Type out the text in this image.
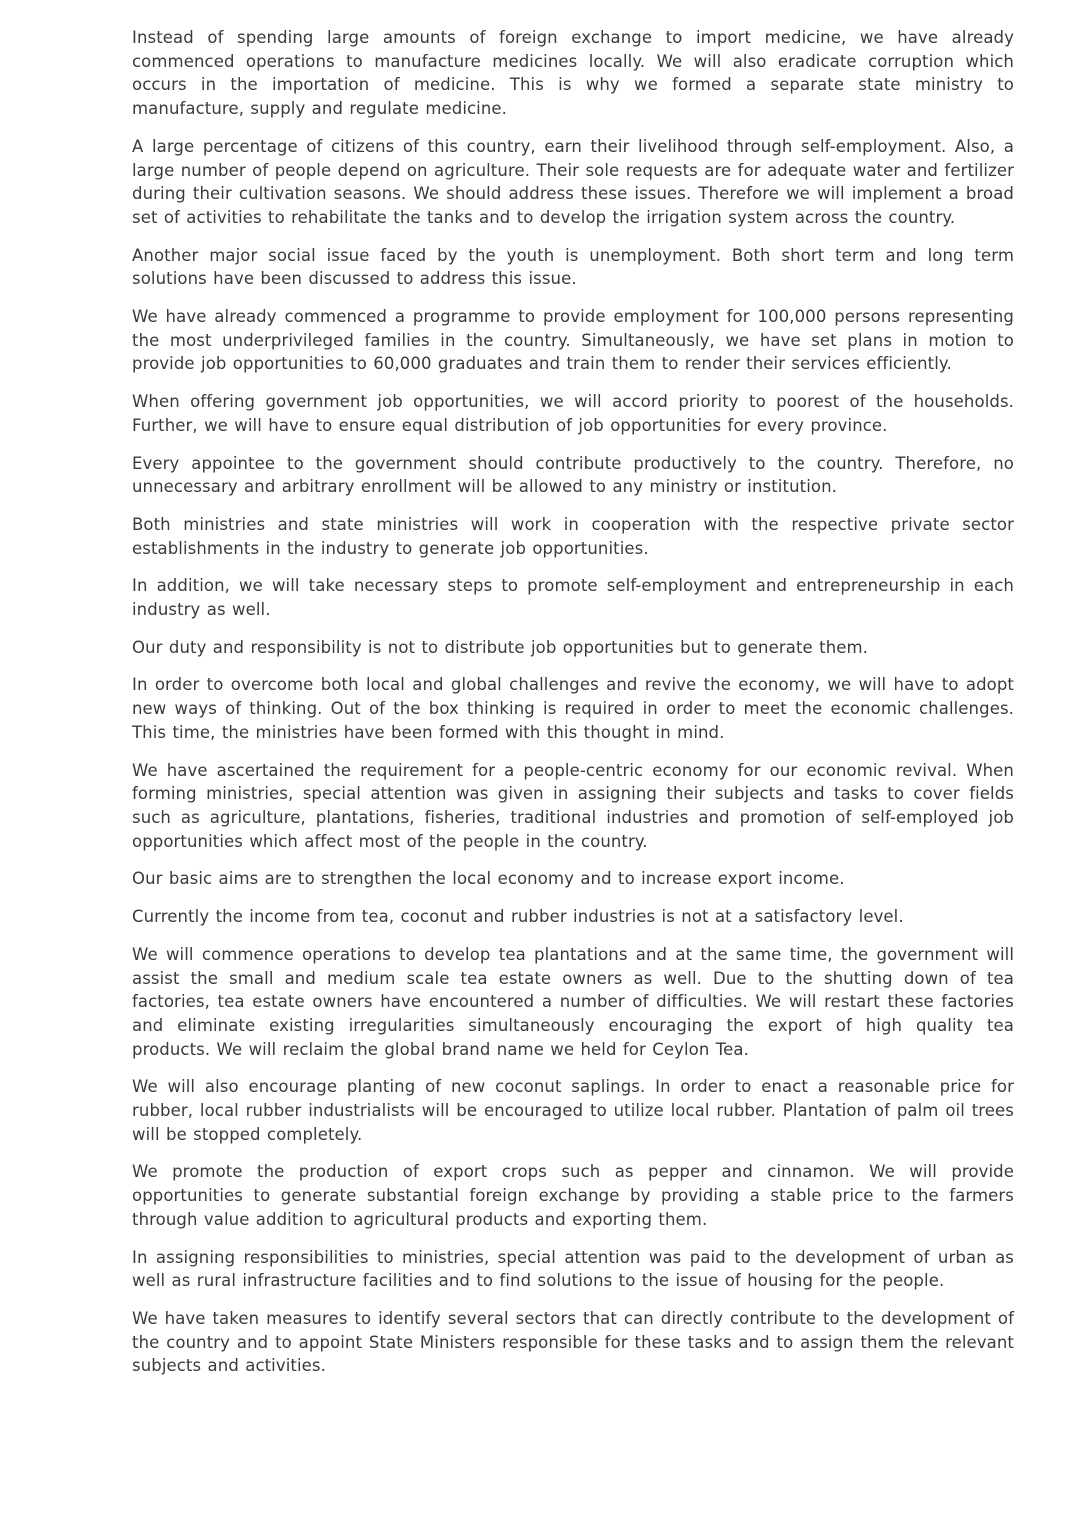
Instead of spending large amounts of foreign exchange to import medicine, we have already commenced operations to manufacture medicines locally. We will also eradicate corruption which occurs in the importation of medicine. This is why we formed a separate state ministry to manufacture, supply and regulate medicine.

A large percentage of citizens of this country, earn their livelihood through self-employment. Also, a large number of people depend on agriculture. Their sole requests are for adequate water and fertilizer during their cultivation seasons. We should address these issues. Therefore we will implement a broad set of activities to rehabilitate the tanks and to develop the irrigation system across the country.

Another major social issue faced by the youth is unemployment. Both short term and long term solutions have been discussed to address this issue.

We have already commenced a programme to provide employment for 100,000 persons representing the most underprivileged families in the country. Simultaneously, we have set plans in motion to provide job opportunities to 60,000 graduates and train them to render their services efficiently.

When offering government job opportunities, we will accord priority to poorest of the households. Further, we will have to ensure equal distribution of job opportunities for every province.

Every appointee to the government should contribute productively to the country. Therefore, no unnecessary and arbitrary enrollment will be allowed to any ministry or institution.

Both ministries and state ministries will work in cooperation with the respective private sector establishments in the industry to generate job opportunities.

In addition, we will take necessary steps to promote self-employment and entrepreneurship in each industry as well.

Our duty and responsibility is not to distribute job opportunities but to generate them.

In order to overcome both local and global challenges and revive the economy, we will have to adopt new ways of thinking. Out of the box thinking is required in order to meet the economic challenges. This time, the ministries have been formed with this thought in mind.

We have ascertained the requirement for a people-centric economy for our economic revival. When forming ministries, special attention was given in assigning their subjects and tasks to cover fields such as agriculture, plantations, fisheries, traditional industries and promotion of self-employed job opportunities which affect most of the people in the country.

Our basic aims are to strengthen the local economy and to increase export income.

Currently the income from tea, coconut and rubber industries is not at a satisfactory level.

We will commence operations to develop tea plantations and at the same time, the government will assist the small and medium scale tea estate owners as well. Due to the shutting down of tea factories, tea estate owners have encountered a number of difficulties. We will restart these factories and eliminate existing irregularities simultaneously encouraging the export of high quality tea products. We will reclaim the global brand name we held for Ceylon Tea.

We will also encourage planting of new coconut saplings. In order to enact a reasonable price for rubber, local rubber industrialists will be encouraged to utilize local rubber. Plantation of palm oil trees will be stopped completely.

We promote the production of export crops such as pepper and cinnamon. We will provide opportunities to generate substantial foreign exchange by providing a stable price to the farmers through value addition to agricultural products and exporting them.

In assigning responsibilities to ministries, special attention was paid to the development of urban as well as rural infrastructure facilities and to find solutions to the issue of housing for the people.

We have taken measures to identify several sectors that can directly contribute to the development of the country and to appoint State Ministers responsible for these tasks and to assign them the relevant subjects and activities.
